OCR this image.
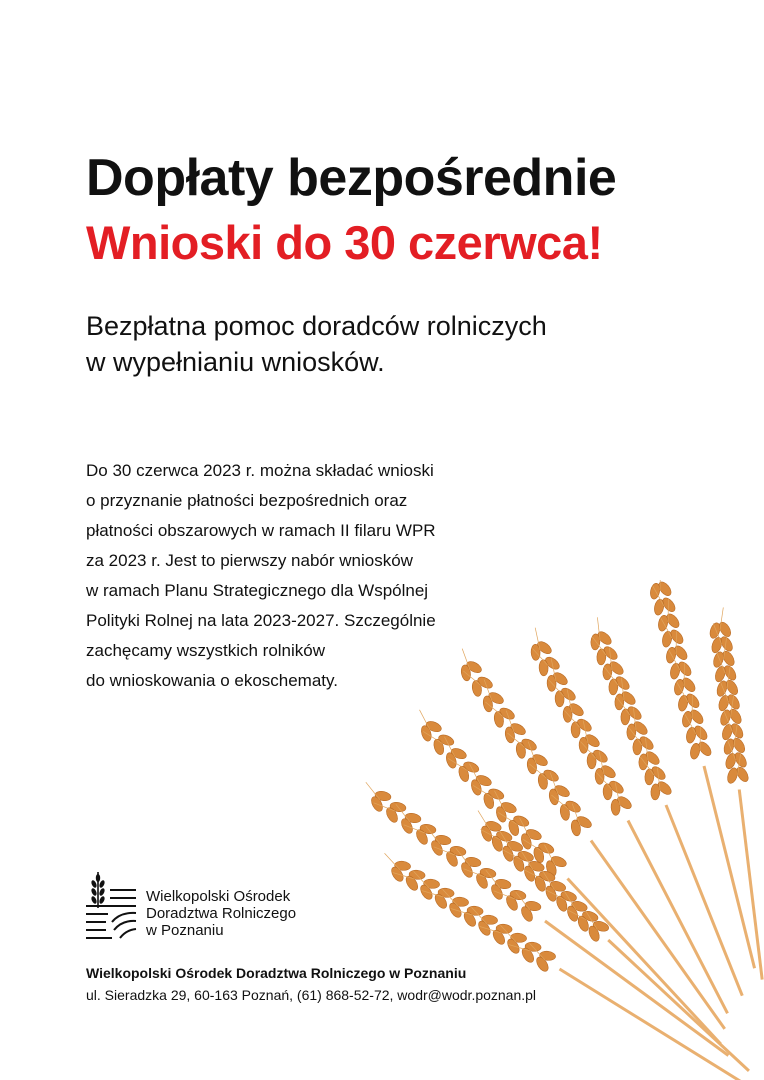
Dopłaty bezpośrednie
Wnioski do 30 czerwca!

Bezpłatna pomoc doradców rolniczych
w wypełnianiu wniosków.

Do 30 czerwca 2023 r. można składać wnioski
o przyznanie płatności bezpośrednich oraz
płatności obszarowych w ramach II filaru WPR
za 2023 r. Jest to pierwszy nabór wniosków
w ramach Planu Strategicznego dla Wspólnej
Polityki Rolnej na lata 2023-2027. Szczególnie
zachęcamy wszystkich rolników
do wnioskowania o ekoschematy.

Wielkopolski Ośrodek
Doradztwa Rolniczego
w Poznaniu
Wielkopolski Ośrodek Doradztwa Rolniczego w Poznaniu
ul. Sieradzka 29, 60-163 Poznań, (61) 868-52-72, wodr@wodr.poznan.pl
